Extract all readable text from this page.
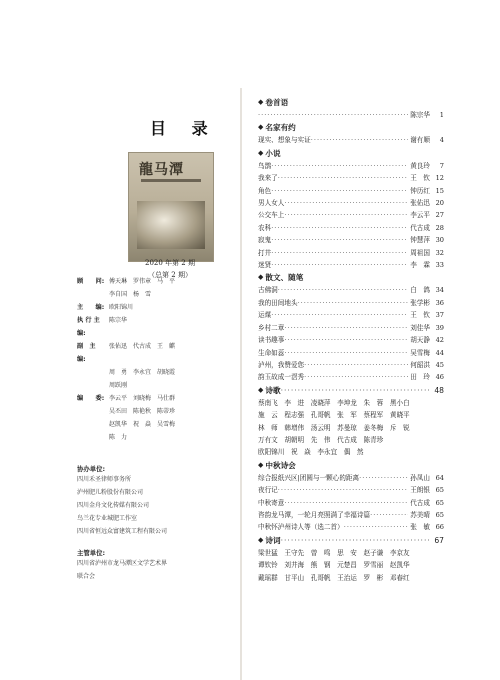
目 录
龍马潭
2020 年第 2 期
（总第 2 期）
顾　　问: 傅天琳　罗伟章　马　平
李自国　杨　雪
主　　编: 欧阳锦川
执 行 主 编:
陈宗华
副　主　编:
张佑迅　代古成　王　麒
周　勇　李永宜　胡晓霞
周跃刚
编　　委: 李云平　刘晓梅　马仕群
吴丕田　陈艳秋　陈蒂珍
赵凯华　祝　焱　吴雪梅
陈　力
协办单位:
四川禾圣律师事务所
泸州肥儿粉股份有限公司
四川金舟文化传媒有限公司
鸟兰花专业城肥工作室
四川省恒远众富建筑工程有限公司
主管单位:
四川省泸州市龙马潭区文学艺术界
联合会
◆ 卷首语
·····
陈宗华	1
◆ 名家有约
现实、想象与实证 ·····	谢有顺	4
◆ 小说
鸟鹊 ·····	黄良玲	7
我来了 ·····	王　钦 12
角色 ·····	钟历红 15
男人女人 ·····	张佑迅 20
公交车上 ·····	李云平 27
农科 ·····	代古成 28
寂鬼 ·····	钟慧萍 30
打井 ·····	周祖国 32
迷贤 ·····	李　霖 33
◆ 散文、随笔
古佛洞 ·····	白　鸽 34
我的田间地头 ·····	张学彬 36
运煤 ·····	王　钦 37
乡村二章 ·····	刘佳华 39
读书趣事 ·····	胡天静 42
生命如蕊 ·····	吴雪梅 44
泸州，我赞爱您 ·····	何韶洪 45
韵玉故成一滘秀 ·····	田　玲 46
◆ 诗歌 ·····	48
蔡南飞　李　进　凌晓萍　李坤龙　朱　蓉　黑小白
施　云　程志强　孔哥帆　张　军　蔡程军　黄晓平
林　师　韩增伟　汤云明　苏曼琼　姜冬梅　斥　锐
万有文　胡朝明　先　伟　代古成　陈青珍
欧阳锦川　祝　焱　李永宜　偶　然
◆ 中秋诗会
综合报纸兴区|团圆与一颗心的距离 ·····	孙凤山 64
夜行记 ·····	王朗银 65
中秋寄意 ·····	代古成 65
咨韵龙马潭，一轮月亮照满了幸福诗篇 ·····	苏美晴 65
中秋怀泸州诗人等（选二首） ·····	张　敏 66
◆ 诗词 ·····	67
梁世猛　王守先　曾　鸣　思　安　赵子谦　李京友
谭钦铃　刘井海　熊　钢　元楚昌　罗雪丽　赵凯华
戴瑶群　甘平山　孔哥帆　王治运　罗　彬　邓春红
